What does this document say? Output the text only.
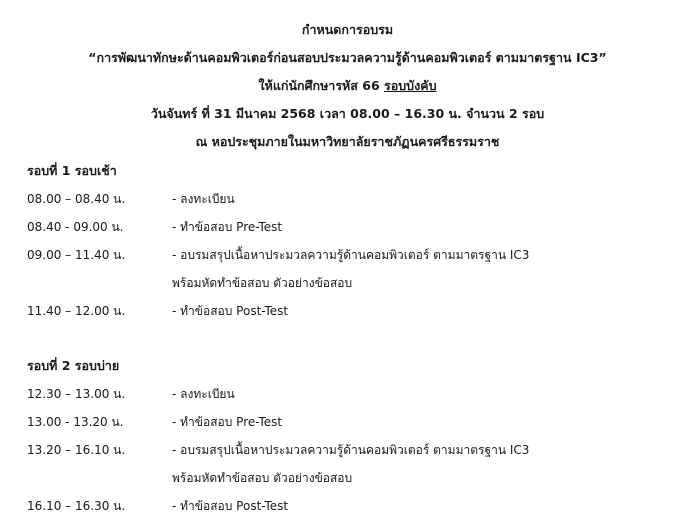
กำหนดการอบรม
“การพัฒนาทักษะด้านคอมพิวเตอร์ก่อนสอบประมวลความรู้ด้านคอมพิวเตอร์ ตามมาตรฐาน IC3”
ให้แก่นักศึกษารหัส 66 รอบบังคับ
วันจันทร์ ที่ 31 มีนาคม 2568 เวลา 08.00 – 16.30 น. จำนวน 2 รอบ
ณ หอประชุมภายในมหาวิทยาลัยราชภัฏนครศรีธรรมราช
รอบที่ 1 รอบเช้า
08.00 – 08.40 น.	- ลงทะเบียน
08.40 - 09.00 น.	- ทำข้อสอบ Pre-Test
09.00 – 11.40 น.	- อบรมสรุปเนื้อหาประมวลความรู้ด้านคอมพิวเตอร์ ตามมาตรฐาน IC3
พร้อมหัดทำข้อสอบ ตัวอย่างข้อสอบ
11.40 – 12.00 น.	- ทำข้อสอบ Post-Test
รอบที่ 2 รอบบ่าย
12.30 – 13.00 น.	- ลงทะเบียน
13.00 - 13.20 น.	- ทำข้อสอบ Pre-Test
13.20 – 16.10 น.	- อบรมสรุปเนื้อหาประมวลความรู้ด้านคอมพิวเตอร์ ตามมาตรฐาน IC3
พร้อมหัดทำข้อสอบ ตัวอย่างข้อสอบ
16.10 – 16.30 น.	- ทำข้อสอบ Post-Test
